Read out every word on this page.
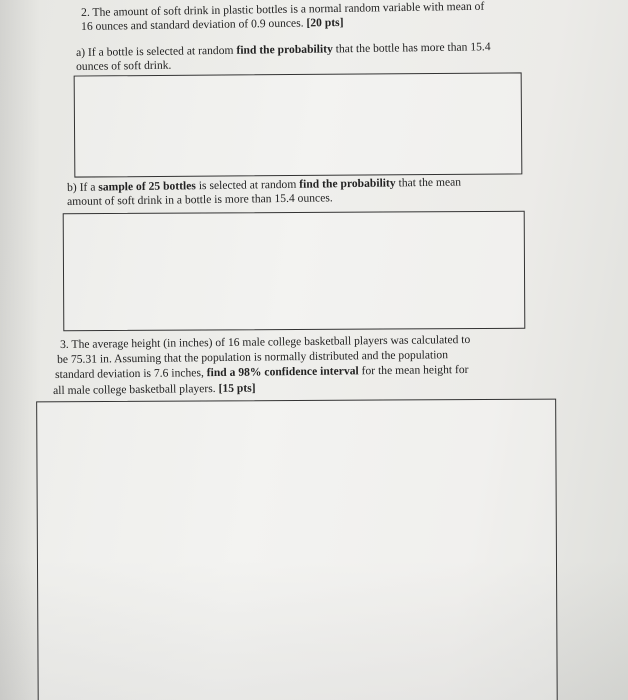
2. The amount of soft drink in plastic bottles is a normal random variable with mean of
16 ounces and standard deviation of 0.9 ounces. [20 pts]
a) If a bottle is selected at random find the probability that the bottle has more than 15.4
ounces of soft drink.
b) If a sample of 25 bottles is selected at random find the probability that the mean
amount of soft drink in a bottle is more than 15.4 ounces.
3. The average height (in inches) of 16 male college basketball players was calculated to
be 75.31 in. Assuming that the population is normally distributed and the population
standard deviation is 7.6 inches, find a 98% confidence interval for the mean height for
all male college basketball players. [15 pts]
